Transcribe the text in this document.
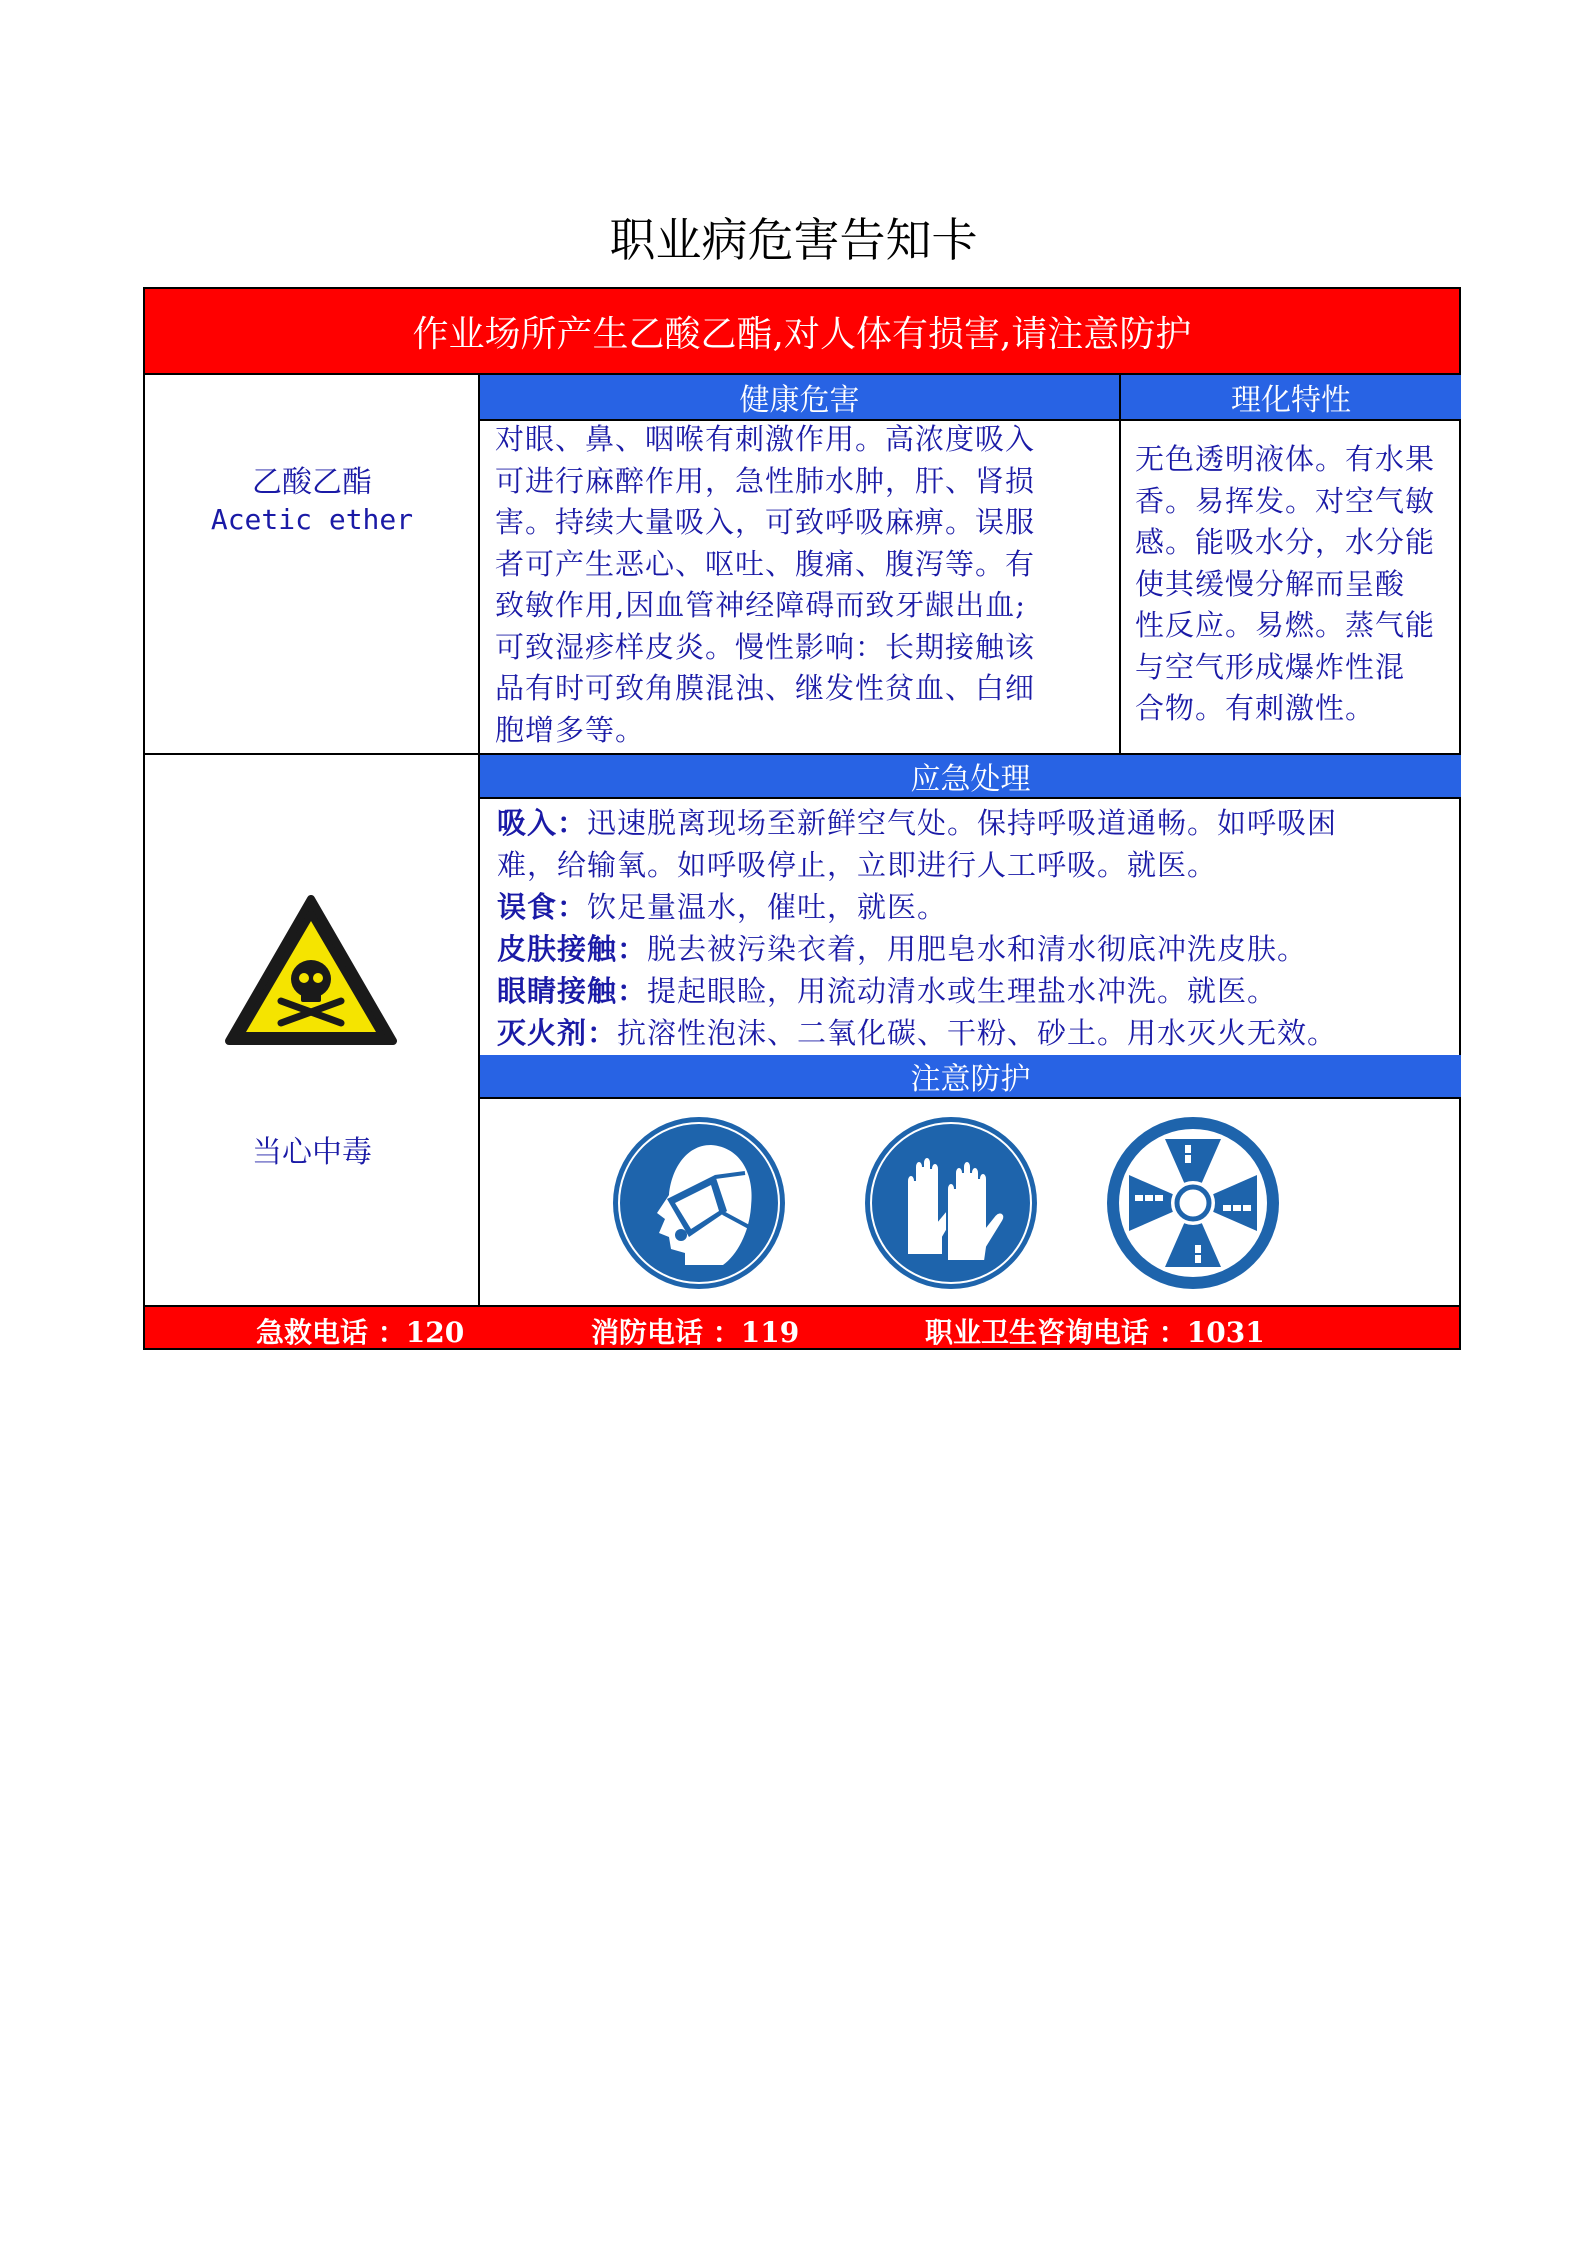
职业病危害告知卡
作业场所产生乙酸乙酯,对人体有损害,请注意防护
乙酸乙酯
Acetic ether
健康危害
对眼、鼻、咽喉有刺激作用。高浓度吸入
可进行麻醉作用，急性肺水肿，肝、肾损
害。持续大量吸入，可致呼吸麻痹。误服
者可产生恶心、呕吐、腹痛、腹泻等。有
致敏作用,因血管神经障碍而致牙龈出血;
可致湿疹样皮炎。慢性影响：长期接触该
品有时可致角膜混浊、继发性贫血、白细
胞增多等。
理化特性
无色透明液体。有水果
香。易挥发。对空气敏
感。能吸水分，水分能
使其缓慢分解而呈酸
性反应。易燃。蒸气能
与空气形成爆炸性混
合物。有刺激性。
当心中毒
应急处理
吸入：迅速脱离现场至新鲜空气处。保持呼吸道通畅。如呼吸困
难，给输氧。如呼吸停止，立即进行人工呼吸。就医。
误食：饮足量温水，催吐，就医。
皮肤接触：脱去被污染衣着，用肥皂水和清水彻底冲洗皮肤。
眼睛接触：提起眼睑，用流动清水或生理盐水冲洗。就医。
灭火剂：抗溶性泡沫、二氧化碳、干粉、砂土。用水灭火无效。
注意防护
急救电话 ：120	消防电话 ：119	职业卫生咨询电话 ：1031
